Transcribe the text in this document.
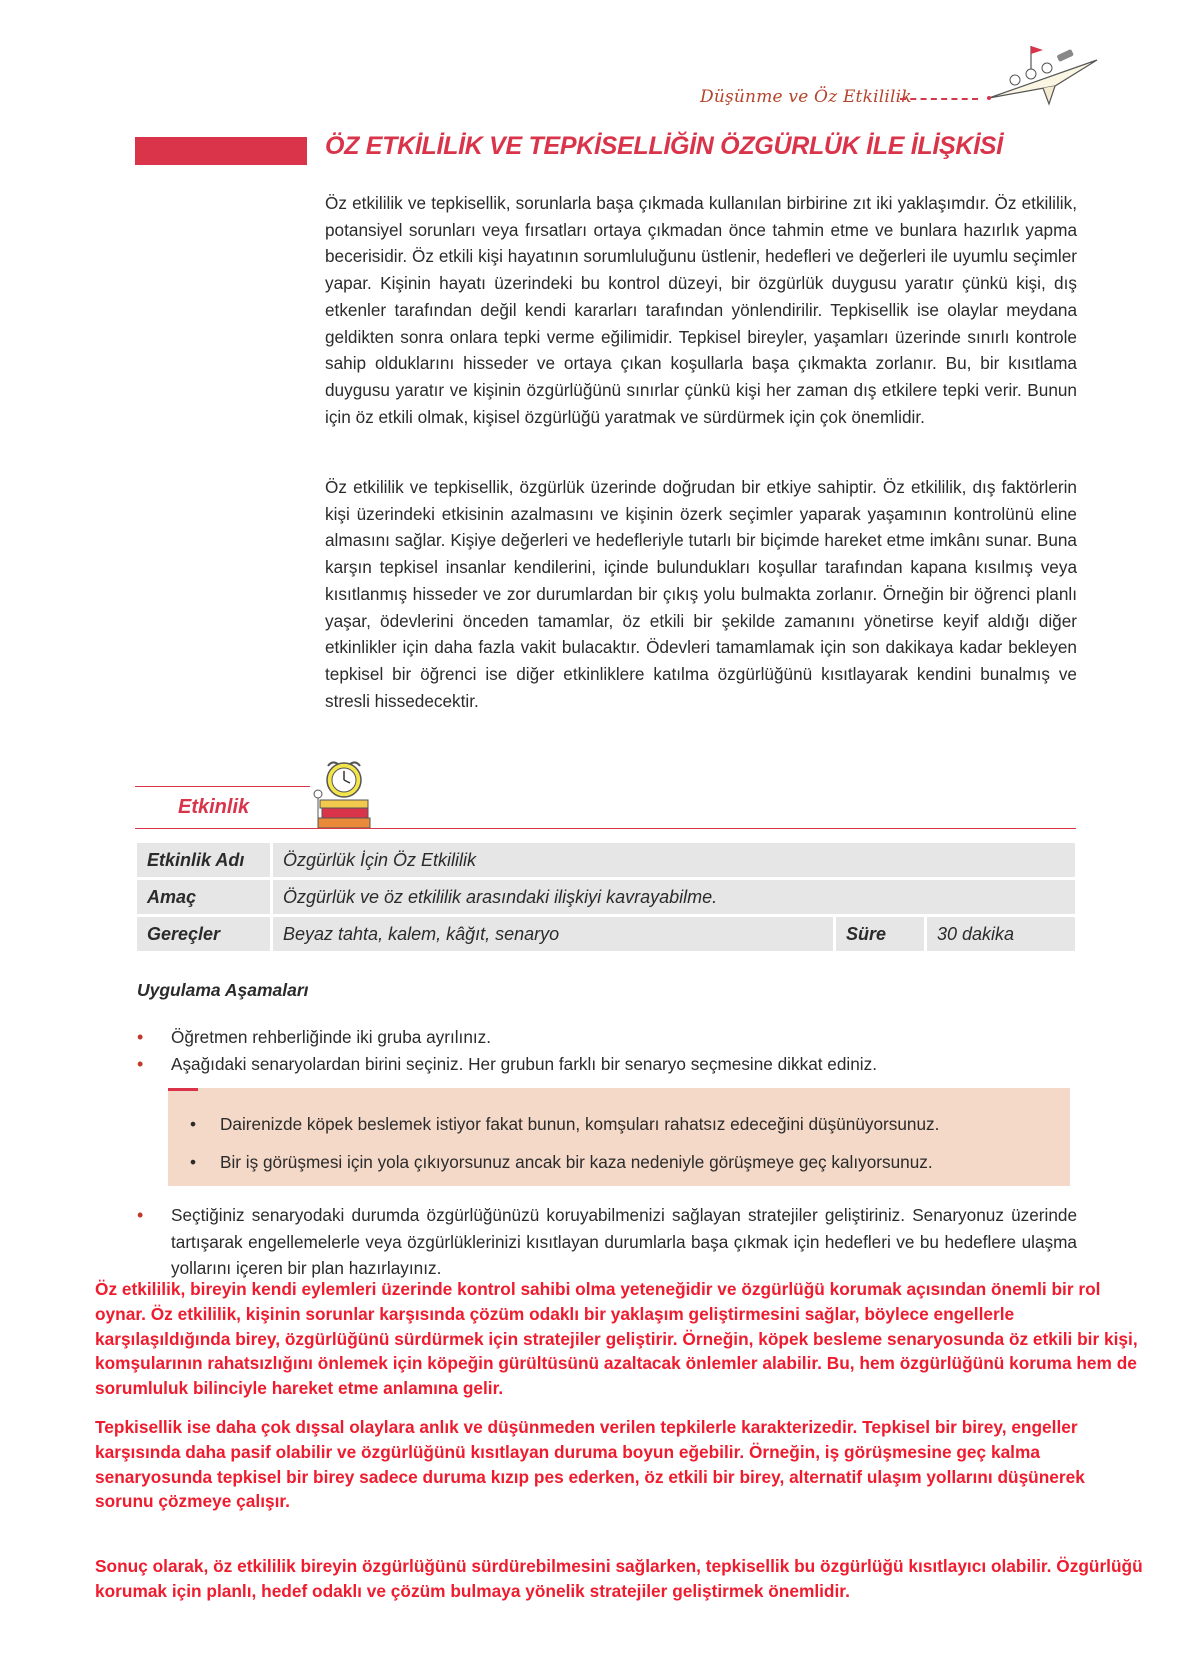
Düşünme ve Öz Etkililik
ÖZ ETKİLİLİK VE TEPKİSELLİĞİN ÖZGÜRLÜK İLE İLİŞKİSİ

Öz etkililik ve tepkisellik, sorunlarla başa çıkmada kullanılan birbirine zıt iki yaklaşımdır. Öz etkililik, potansiyel sorunları veya fırsatları ortaya çıkmadan önce tahmin etme ve bunlara hazırlık yapma becerisidir. Öz etkili kişi hayatının sorumluluğunu üstlenir, hedefleri ve değerleri ile uyumlu seçimler yapar. Kişinin hayatı üzerindeki bu kontrol düzeyi, bir özgürlük duygusu yaratır çünkü kişi, dış etkenler tarafından değil kendi kararları tarafından yönlendirilir. Tepkisellik ise olaylar meydana geldikten sonra onlara tepki verme eğilimidir. Tepkisel bireyler, yaşamları üzerinde sınırlı kontrole sahip olduklarını hisseder ve ortaya çıkan koşullarla başa çıkmakta zorlanır. Bu, bir kısıtlama duygusu yaratır ve kişinin özgürlüğünü sınırlar çünkü kişi her zaman dış etkilere tepki verir. Bunun için öz etkili olmak, kişisel özgürlüğü yaratmak ve sürdürmek için çok önemlidir.

Öz etkililik ve tepkisellik, özgürlük üzerinde doğrudan bir etkiye sahiptir. Öz etkililik, dış faktörlerin kişi üzerindeki etkisinin azalmasını ve kişinin özerk seçimler yaparak yaşamının kontrolünü eline almasını sağlar. Kişiye değerleri ve hedefleriyle tutarlı bir biçimde hareket etme imkânı sunar. Buna karşın tepkisel insanlar kendilerini, içinde bulundukları koşullar tarafından kapana kısılmış veya kısıtlanmış hisseder ve zor durumlardan bir çıkış yolu bulmakta zorlanır. Örneğin bir öğrenci planlı yaşar, ödevlerini önceden tamamlar, öz etkili bir şekilde zamanını yönetirse keyif aldığı diğer etkinlikler için daha fazla vakit bulacaktır. Ödevleri tamamlamak için son dakikaya kadar bekleyen tepkisel bir öğrenci ise diğer etkinliklere katılma özgürlüğünü kısıtlayarak kendini bunalmış ve stresli hissedecektir.

Etkinlik
Etkinlik Adı	Özgürlük İçin Öz Etkililik		
Amaç	Özgürlük ve öz etkililik arasındaki ilişkiyi kavrayabilme.		
Gereçler	Beyaz tahta, kalem, kâğıt, senaryo	Süre	30 dakika
Uygulama Aşamaları
• Öğretmen rehberliğinde iki gruba ayrılınız.
• Aşağıdaki senaryolardan birini seçiniz. Her grubun farklı bir senaryo seçmesine dikkat ediniz.
• Dairenizde köpek beslemek istiyor fakat bunun, komşuları rahatsız edeceğini düşünüyorsunuz.
• Bir iş görüşmesi için yola çıkıyorsunuz ancak bir kaza nedeniyle görüşmeye geç kalıyorsunuz.
• Seçtiğiniz senaryodaki durumda özgürlüğünüzü koruyabilmenizi sağlayan stratejiler geliştiriniz. Senaryonuz üzerinde tartışarak engellemelerle veya özgürlüklerinizi kısıtlayan durumlarla başa çıkmak için hedefleri ve bu hedeflere ulaşma yollarını içeren bir plan hazırlayınız.

Öz etkililik, bireyin kendi eylemleri üzerinde kontrol sahibi olma yeteneğidir ve özgürlüğü korumak açısından önemli bir rol oynar. Öz etkililik, kişinin sorunlar karşısında çözüm odaklı bir yaklaşım geliştirmesini sağlar, böylece engellerle karşılaşıldığında birey, özgürlüğünü sürdürmek için stratejiler geliştirir. Örneğin, köpek besleme senaryosunda öz etkili bir kişi, komşularının rahatsızlığını önlemek için köpeğin gürültüsünü azaltacak önlemler alabilir. Bu, hem özgürlüğünü koruma hem de sorumluluk bilinciyle hareket etme anlamına gelir.

Tepkisellik ise daha çok dışsal olaylara anlık ve düşünmeden verilen tepkilerle karakterizedir. Tepkisel bir birey, engeller karşısında daha pasif olabilir ve özgürlüğünü kısıtlayan duruma boyun eğebilir. Örneğin, iş görüşmesine geç kalma senaryosunda tepkisel bir birey sadece duruma kızıp pes ederken, öz etkili bir birey, alternatif ulaşım yollarını düşünerek sorunu çözmeye çalışır.

Sonuç olarak, öz etkililik bireyin özgürlüğünü sürdürebilmesini sağlarken, tepkisellik bu özgürlüğü kısıtlayıcı olabilir. Özgürlüğü korumak için planlı, hedef odaklı ve çözüm bulmaya yönelik stratejiler geliştirmek önemlidir.
